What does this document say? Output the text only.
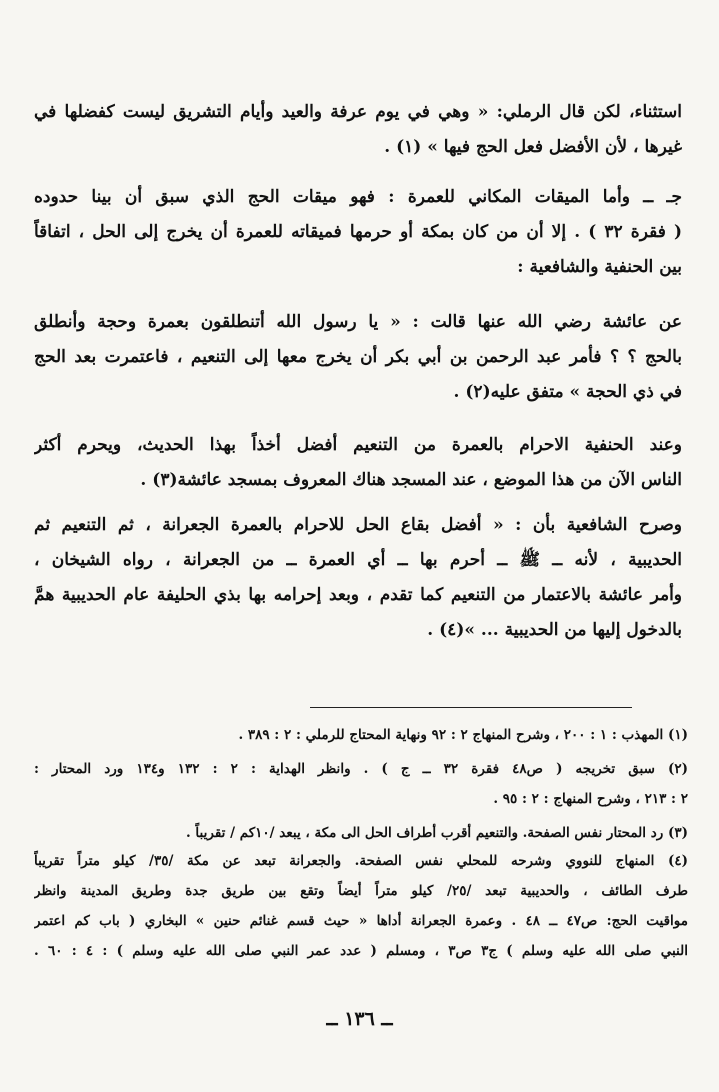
استثناء، لكن قال الرملي: « وهي في يوم عرفة والعيد وأيام التشريق ليست كفضلها في
غيرها ، لأن الأفضل فعل الحج فيها » (١) .
جـ ــ وأما الميقات المكاني للعمرة : فهو ميقات الحج الذي سبق أن بينا حدوده
( فقرة ٣٢ ) . إلا أن من كان بمكة أو حرمها فميقاته للعمرة أن يخرج إلى الحل ، اتفاقاً
بين الحنفية والشافعية :
عن عائشة رضي الله عنها قالت : « يا رسول الله أتنطلقون بعمرة وحجة وأنطلق
بالحج ؟ ؟ فأمر عبد الرحمن بن أبي بكر أن يخرج معها إلى التنعيم ، فاعتمرت بعد الحج
في ذي الحجة » متفق عليه(٢) .
وعند الحنفية الاحرام بالعمرة من التنعيم أفضل أخذاً بهذا الحديث، ويحرم أكثر
الناس الآن من هذا الموضع ، عند المسجد هناك المعروف بمسجد عائشة(٣) .
وصرح الشافعية بأن : « أفضل بقاع الحل للاحرام بالعمرة الجعرانة ، ثم التنعيم ثم
الحديبية ، لأنه ــ ﷺ ــ أحرم بها ــ أي العمرة ــ من الجعرانة ، رواه الشيخان ،
وأمر عائشة بالاعتمار من التنعيم كما تقدم ، وبعد إحرامه بها بذي الحليفة عام الحديبية همَّ
بالدخول إليها من الحديبية ... »(٤) .
(١) المهذب : ١ : ٢٠٠ ، وشرح المنهاج ٢ : ٩٢ ونهاية المحتاج للرملي : ٢ : ٣٨٩ .
(٢) سبق تخريجه ( ص٤٨ فقرة ٣٢ ــ ج ) . وانظر الهداية : ٢ : ١٣٢ و١٣٤ ورد المحتار :
٢ : ٢١٣ ، وشرح المنهاج : ٢ : ٩٥ .
(٣) رد المحتار نفس الصفحة. والتنعيم أقرب أطراف الحل الى مكة ، يبعد /١٠كم / تقريباً .
(٤) المنهاج للنووي وشرحه للمحلي نفس الصفحة. والجعرانة تبعد عن مكة /٣٥/ كيلو متراً تقريباً
طرف الطائف ، والحديبية تبعد /٢٥/ كيلو متراً أيضاً وتقع بين طريق جدة وطريق المدينة وانظر
مواقيت الحج: ص٤٧ ــ ٤٨ . وعمرة الجعرانة أداها « حيث قسم غنائم حنين » البخاري ( باب كم اعتمر
النبي صلى الله عليه وسلم ) ج٣ ص٣ ، ومسلم ( عدد عمر النبي صلى الله عليه وسلم ) : ٤ : ٦٠ .
ــ ١٣٦ ــ
